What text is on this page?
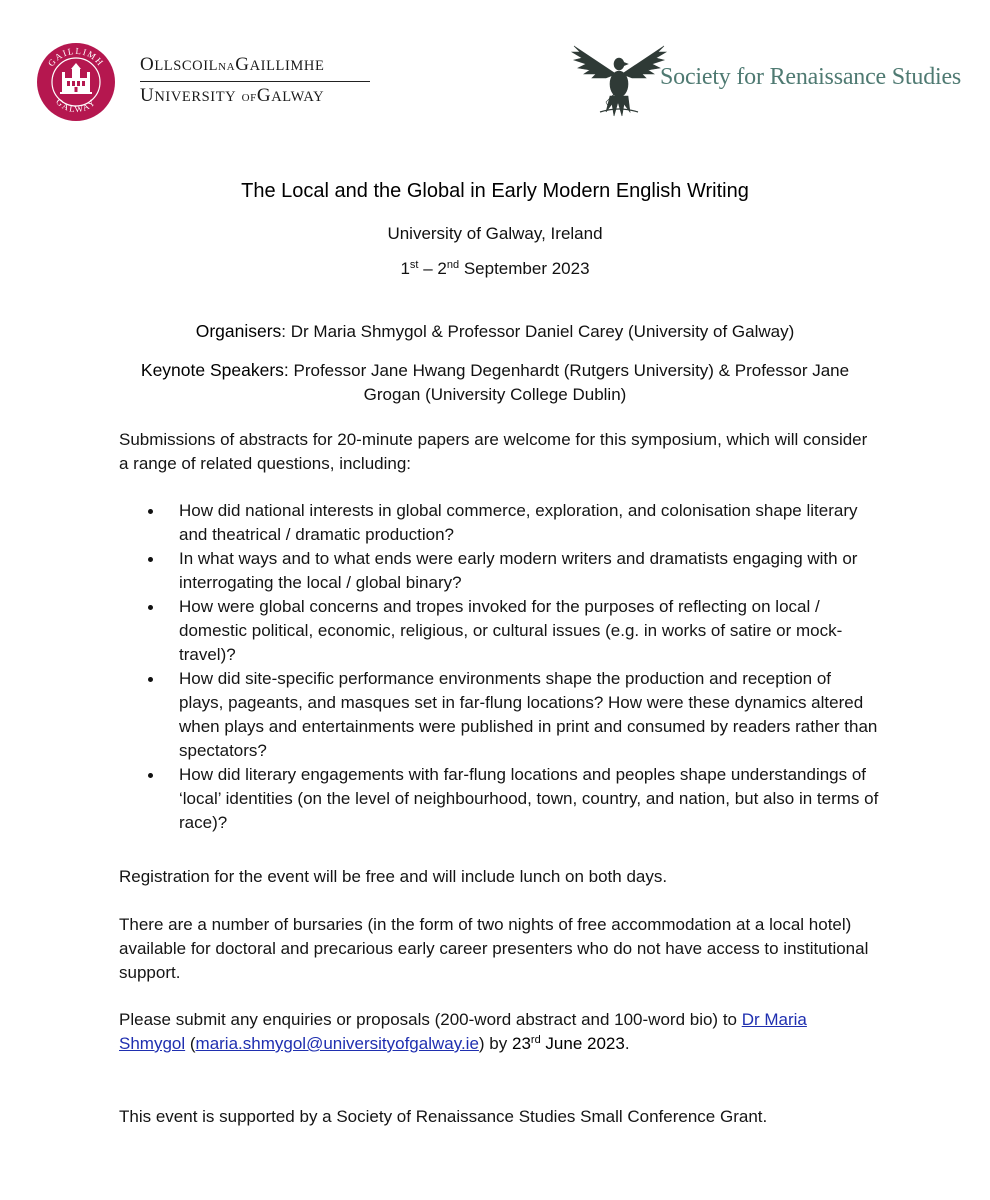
GAILLIMH
GALWAY
OLLSCOILNAGAILLIMHE
UNIVERSITY OFGALWAY
Society for Renaissance Studies
The Local and the Global in Early Modern English Writing
University of Galway, Ireland
1st – 2nd September 2023
Organisers: Dr Maria Shmygol & Professor Daniel Carey (University of Galway)
Keynote Speakers: Professor Jane Hwang Degenhardt (Rutgers University) & Professor Jane Grogan (University College Dublin)
Submissions of abstracts for 20-minute papers are welcome for this symposium, which will consider a range of related questions, including:
How did national interests in global commerce, exploration, and colonisation shape literary and theatrical / dramatic production?
In what ways and to what ends were early modern writers and dramatists engaging with or interrogating the local / global binary?
How were global concerns and tropes invoked for the purposes of reflecting on local / domestic political, economic, religious, or cultural issues (e.g. in works of satire or mock-travel)?
How did site-specific performance environments shape the production and reception of plays, pageants, and masques set in far-flung locations? How were these dynamics altered when plays and entertainments were published in print and consumed by readers rather than spectators?
How did literary engagements with far-flung locations and peoples shape understandings of ‘local’ identities (on the level of neighbourhood, town, country, and nation, but also in terms of race)?
Registration for the event will be free and will include lunch on both days.
There are a number of bursaries (in the form of two nights of free accommodation at a local hotel) available for doctoral and precarious early career presenters who do not have access to institutional support.
Please submit any enquiries or proposals (200-word abstract and 100-word bio) to Dr Maria Shmygol (maria.shmygol@universityofgalway.ie) by 23rd June 2023.
This event is supported by a Society of Renaissance Studies Small Conference Grant.
